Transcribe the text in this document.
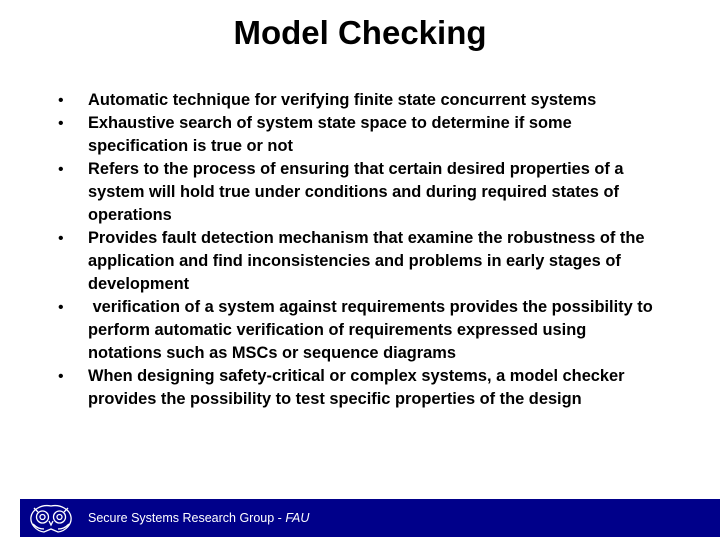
Model Checking
• Automatic technique for verifying finite state concurrent systems
• Exhaustive search of system state space to determine if some specification is true or not
• Refers to the process of ensuring that certain desired properties of a system will hold true under conditions and during required states of operations
• Provides fault detection mechanism that examine the robustness of the application and find inconsistencies and problems in early stages of development
• verification of a system against requirements provides the possibility to perform automatic verification of requirements expressed using notations such as MSCs or sequence diagrams
• When designing safety-critical or complex systems, a model checker provides the possibility to test specific properties of the design
Secure Systems Research Group - FAU
